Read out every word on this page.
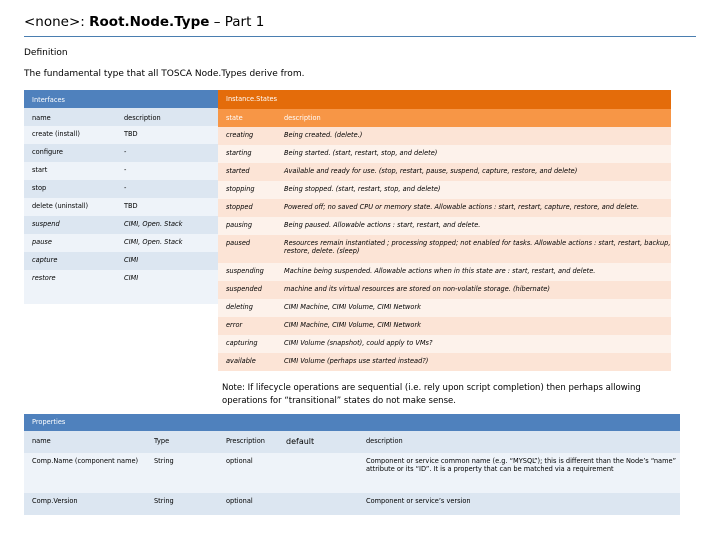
<none>: Root.Node.Type – Part 1
Definition
The fundamental type that all TOSCA Node.Types derive from.
Interfaces	
name	description
create (install)	TBD
configure	-
start	-
stop	-
delete (uninstall)	TBD
suspend	CIMI, Open. Stack
pause	CIMI, Open. Stack
capture	CIMI
restore	CIMI

Instance.States	
state	description
creating	Being created. (delete.)
starting	Being started. (start, restart, stop, and delete)
started	Available and ready for use. (stop, restart, pause, suspend, capture, restore, and delete)
stopping	Being stopped. (start, restart, stop, and delete)
stopped	Powered off; no saved CPU or memory state. Allowable actions : start, restart, capture, restore, and delete.
pausing	Being paused. Allowable actions : start, restart, and delete.
paused	Resources remain instantiated ; processing stopped; not enabled for tasks. Allowable actions : start, restart, backup, restore, delete. (sleep)
suspending	Machine being suspended. Allowable actions when in this state are : start, restart, and delete.
suspended	machine and its virtual resources are stored on non-volatile storage. (hibernate)
deleting	CIMI Machine, CIMI Volume, CIMI Network
error	CIMI Machine, CIMI Volume, CIMI Network
capturing	CIMI Volume (snapshot), could apply to VMs?
available	CIMI Volume (perhaps use started instead?)
Note: If lifecycle operations are sequential (i.e. rely upon script completion) then perhaps allowing operations for “transitional” states do not make sense.
Properties				
name	Type	Prescription	default	description
Comp.Name (component name)	String	optional		Component or service common name (e.g. “MYSQL”); this is different than the Node’s “name” attribute or its “ID”. It is a property that can be matched via a requirement
Comp.Version	String	optional		Component or service’s version
